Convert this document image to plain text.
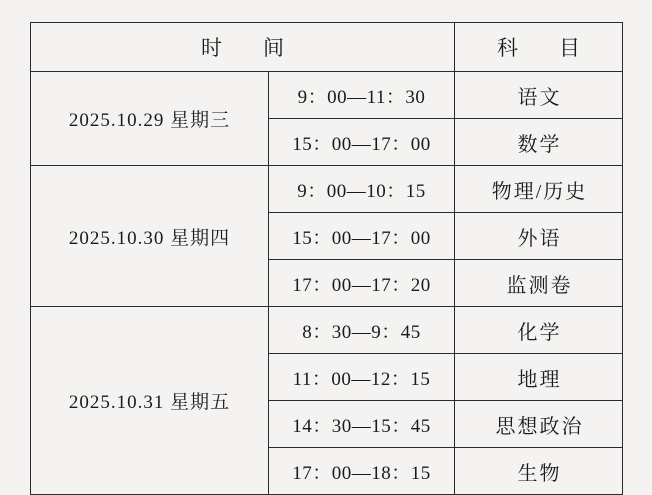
时　间		科　目
2025.10.29 星期三	9：00—11：30	语文
	15：00—17：00	数学
2025.10.30 星期四	9：00—10：15	物理/历史
	15：00—17：00	外语
	17：00—17：20	监测卷
2025.10.31 星期五	8：30—9：45	化学
	11：00—12：15	地理
	14：30—15：45	思想政治
	17：00—18：15	生物
